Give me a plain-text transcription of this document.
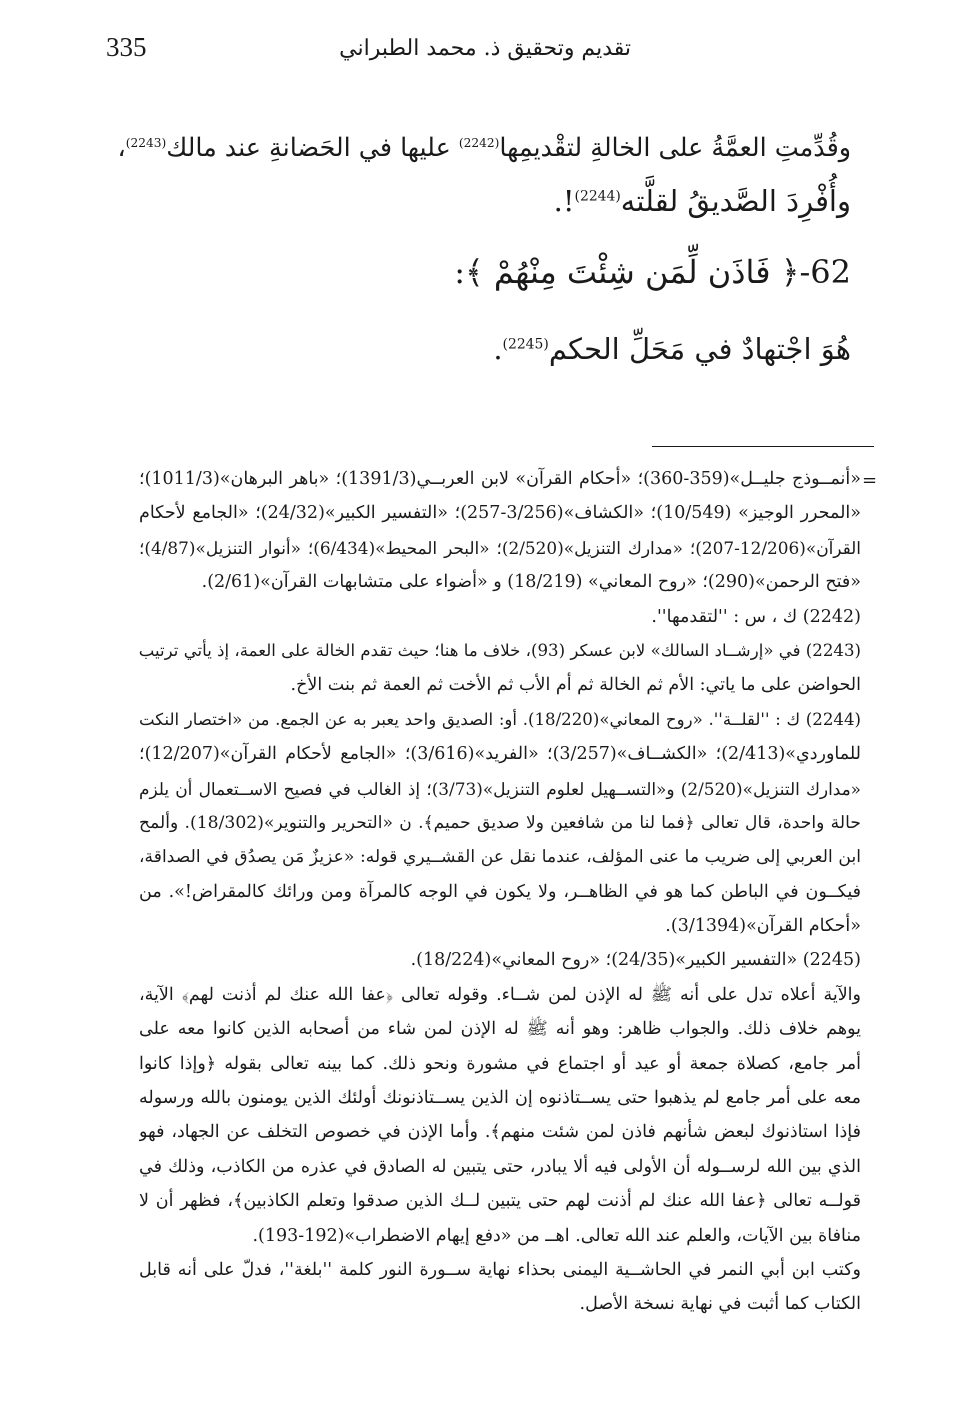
335	تقديم وتحقيق ذ. محمد الطبراني
وقُدِّمتِ العمَّةُ على الخالةِ لتقْديمِها$^{(2242)}$ عليها في الحَضانةِ عند مالك$^{(2243)}$،
وأُفْرِدَ الصَّديقُ لقلَّته$^{(2244)}$!.
62-﴿ فَاذَن لِّمَن شِئْتَ مِنْهُمْ ﴾:
هُوَ اجْتهادٌ في مَحَلِّ الحكم$^{(2245)}$.
=
«أنمــوذج جليــل»(359-360)؛ «أحكام القرآن» لابن العربــي(1391/3)؛ «باهر البرهان»(1011/3)؛
«المحرر الوجيز» (10/549)؛ «الكشاف»(3/256-257)؛ «التفسير الكبير»(24/32)؛ «الجامع لأحكام
القرآن»(12/206-207)؛ «مدارك التنزيل»(2/520)؛ «البحر المحيط»(6/434)؛ «أنوار التنزيل»(4/87)؛
«فتح الرحمن»(290)؛ «روح المعاني» (18/219) و «أضواء على متشابهات القرآن»(2/61).
(2242) ك ، س : ''لتقدمها''.
(2243) في «إرشــاد السالك» لابن عسكر (93)، خلاف ما هنا؛ حيث تقدم الخالة على العمة، إذ يأتي ترتيب
الحواضن على ما ياتي: الأم ثم الخالة ثم أم الأب ثم الأخت ثم العمة ثم بنت الأخ.
(2244) ك : ''لقلــة''. «روح المعاني»(18/220). أو: الصديق واحد يعبر به عن الجمع. من «اختصار النكت
للماوردي»(2/413)؛ «الكشــاف»(3/257)؛ «الفريد»(3/616)؛ «الجامع لأحكام القرآن»(12/207)؛
«مدارك التنزيل»(2/520) و«التســهيل لعلوم التنزيل»(3/73)؛ إذ الغالب في فصيح الاســتعمال أن يلزم
حالة واحدة، قال تعالى ﴿فما لنا من شافعين ولا صديق حميم﴾. ن «التحرير والتنوير»(18/302). وألمح
ابن العربي إلى ضريب ما عنى المؤلف، عندما نقل عن القشــيري قوله: «عزيزٌ مَن يصدُق في الصداقة،
فيكــون في الباطن كما هو في الظاهــر، ولا يكون في الوجه كالمرآة ومن ورائك كالمقراض!». من
«أحكام القرآن»(3/1394).
(2245) «التفسير الكبير»(24/35)؛ «روح المعاني»(18/224).
والآية أعلاه تدل على أنه ﷺ له الإذن لمن شــاء. وقوله تعالى ﴿عفا الله عنك لم أذنت لهم﴾ الآية،
يوهم خلاف ذلك. والجواب ظاهر: وهو أنه ﷺ له الإذن لمن شاء من أصحابه الذين كانوا معه على
أمر جامع، كصلاة جمعة أو عيد أو اجتماع في مشورة ونحو ذلك. كما بينه تعالى بقوله ﴿وإذا كانوا
معه على أمر جامع لم يذهبوا حتى يســتاذنوه إن الذين يســتاذنونك أولئك الذين يومنون بالله ورسوله
فإذا استاذنوك لبعض شأنهم فاذن لمن شئت منهم﴾. وأما الإذن في خصوص التخلف عن الجهاد، فهو
الذي بين الله لرســوله أن الأولى فيه ألا يبادر، حتى يتبين له الصادق في عذره من الكاذب، وذلك في
قولــه تعالى ﴿عفا الله عنك لم أذنت لهم حتى يتبين لــك الذين صدقوا وتعلم الكاذبين﴾، فظهر أن لا
منافاة بين الآيات، والعلم عند الله تعالى. اهــ من «دفع إيهام الاضطراب»(192-193).
وكتب ابن أبي النمر في الحاشــية اليمنى بحذاء نهاية ســورة النور كلمة ''بلغة''، فدلّ على أنه قابل
الكتاب كما أثبت في نهاية نسخة الأصل.
